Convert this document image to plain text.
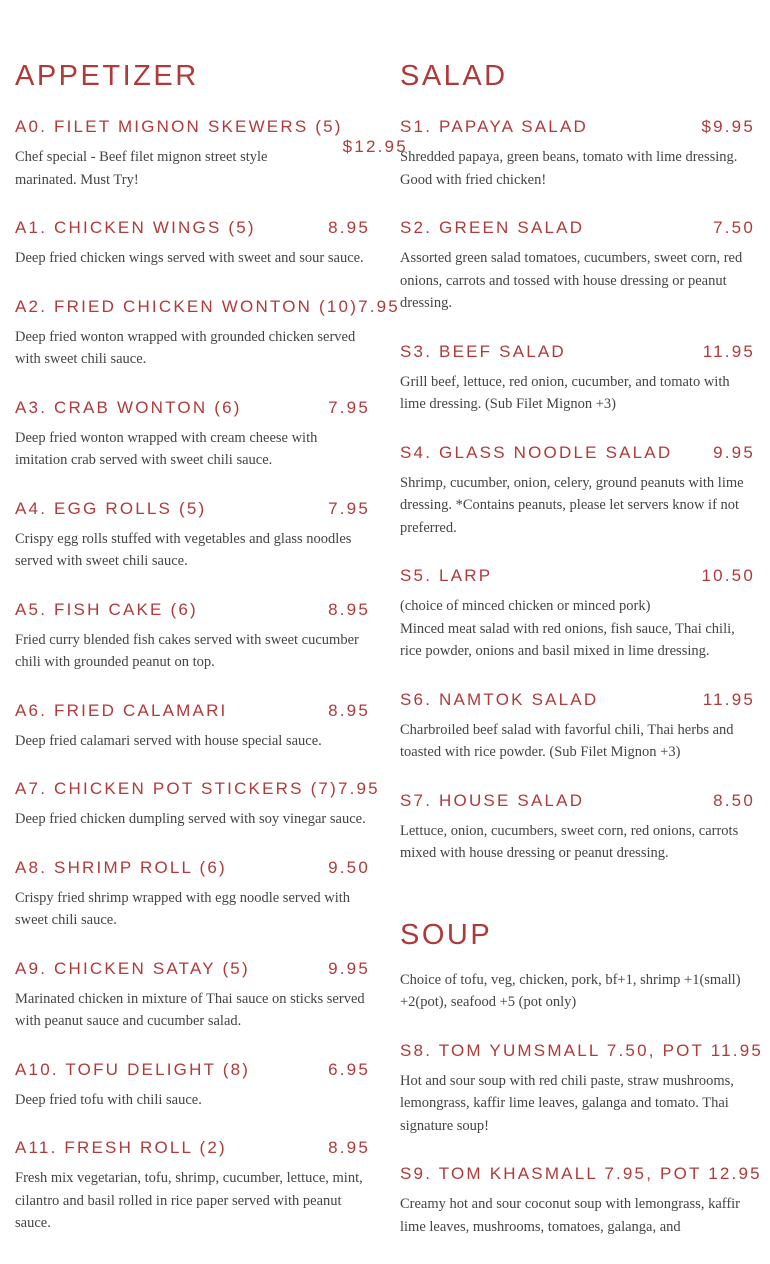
APPETIZER
A0. FILET MIGNON SKEWERS (5)
$12.95

Chef special - Beef filet mignon street style marinated. Must Try!

A1. CHICKEN WINGS (5)	8.95

Deep fried chicken wings served with sweet and sour sauce.

A2. FRIED CHICKEN WONTON (10) 7.95

Deep fried wonton wrapped with grounded chicken served with sweet chili sauce.

A3. CRAB WONTON (6)	7.95

Deep fried wonton wrapped with cream cheese with imitation crab served with sweet chili sauce.

A4. EGG ROLLS (5)	7.95

Crispy egg rolls stuffed with vegetables and glass noodles served with sweet chili sauce.

A5. FISH CAKE (6)	8.95

Fried curry blended fish cakes served with sweet cucumber chili with grounded peanut on top.

A6. FRIED CALAMARI	8.95

Deep fried calamari served with house special sauce.

A7. CHICKEN POT STICKERS (7) 7.95

Deep fried chicken dumpling served with soy vinegar sauce.

A8. SHRIMP ROLL (6)	9.50

Crispy fried shrimp wrapped with egg noodle served with sweet chili sauce.

A9. CHICKEN SATAY (5)	9.95

Marinated chicken in mixture of Thai sauce on sticks served with peanut sauce and cucumber salad.

A10. TOFU DELIGHT (8)	6.95

Deep fried tofu with chili sauce.

A11. FRESH ROLL (2)	8.95

Fresh mix vegetarian, tofu, shrimp, cucumber, lettuce, mint, cilantro and basil rolled in rice paper served with peanut sauce.

SALAD
S1. PAPAYA SALAD	$9.95

Shredded papaya, green beans, tomato with lime dressing. Good with fried chicken!

S2. GREEN SALAD	7.50

Assorted green salad tomatoes, cucumbers, sweet corn, red onions, carrots and tossed with house dressing or peanut dressing.

S3. BEEF SALAD	11.95

Grill beef, lettuce, red onion, cucumber, and tomato with lime dressing. (Sub Filet Mignon +3)

S4. GLASS NOODLE SALAD 9.95

Shrimp, cucumber, onion, celery, ground peanuts with lime dressing. *Contains peanuts, please let servers know if not preferred.

S5. LARP	10.50

(choice of minced chicken or minced pork)

Minced meat salad with red onions, fish sauce, Thai chili, rice powder, onions and basil mixed in lime dressing.

S6. NAMTOK SALAD	11.95

Charbroiled beef salad with favorful chili, Thai herbs and toasted with rice powder. (Sub Filet Mignon +3)

S7. HOUSE SALAD	8.50

Lettuce, onion, cucumbers, sweet corn, red onions, carrots mixed with house dressing or peanut dressing.

SOUP

Choice of tofu, veg, chicken, pork, bf+1, shrimp +1(small) +2(pot), seafood +5 (pot only)

S8. TOM YUM SMALL 7.50, POT 11.95

Hot and sour soup with red chili paste, straw mushrooms, lemongrass, kaffir lime leaves, galanga and tomato. Thai signature soup!

S9. TOM KHA SMALL 7.95, POT 12.95

Creamy hot and sour coconut soup with lemongrass, kaffir lime leaves, mushrooms, tomatoes, galanga, and
